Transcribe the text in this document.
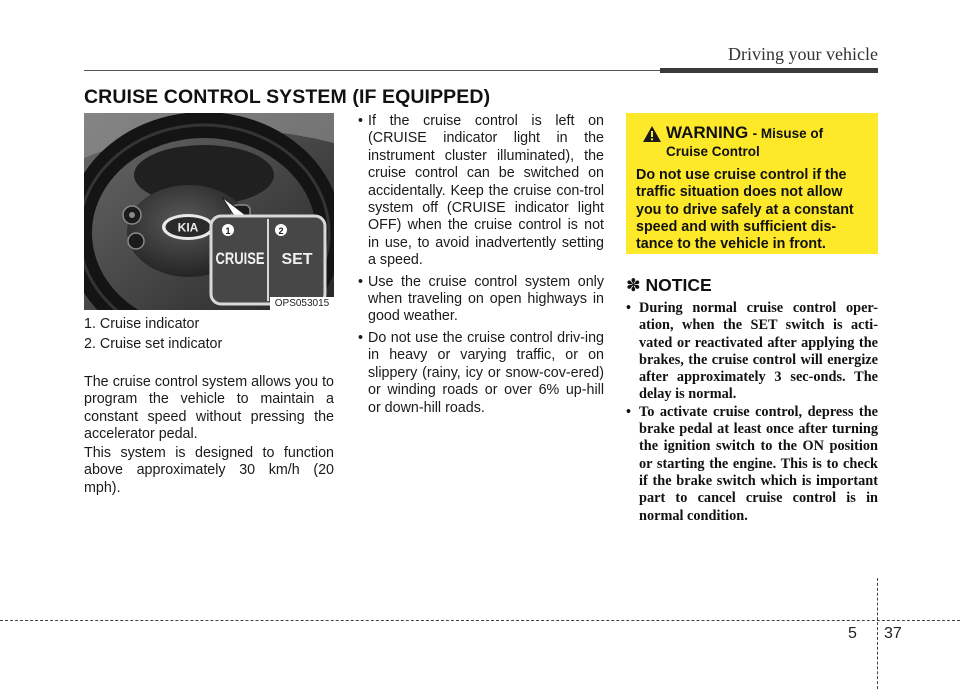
Driving your vehicle
CRUISE CONTROL SYSTEM (IF EQUIPPED)
KIA	1	2
CRUISE SET
OPS053015
1. Cruise indicator
2. Cruise set indicator
The cruise control system allows you to program the vehicle to maintain a constant speed without pressing the accelerator pedal.
This system is designed to function above approximately 30 km/h (20 mph).
• If the cruise control is left on (CRUISE indicator light in the instrument cluster illuminated), the cruise control can be switched on accidentally. Keep the cruise con-trol system off (CRUISE indicator light OFF) when the cruise control is not in use, to avoid inadvertently setting a speed.
• Use the cruise control system only when traveling on open highways in good weather.
• Do not use the cruise control driv-ing in heavy or varying traffic, or on slippery (rainy, icy or snow-cov-ered) or winding roads or over 6% up-hill or down-hill roads.
WARNING - Misuse of Cruise Control
Do not use cruise control if the traffic situation does not allow you to drive safely at a constant speed and with sufficient dis-tance to the vehicle in front.
✽ NOTICE
• During normal cruise control oper-ation, when the SET switch is acti-vated or reactivated after applying the brakes, the cruise control will energize after approximately 3 sec-onds. The delay is normal.
• To activate cruise control, depress the brake pedal at least once after turning the ignition switch to the ON position or starting the engine. This is to check if the brake switch which is important part to cancel cruise control is in normal condition.
5 37
